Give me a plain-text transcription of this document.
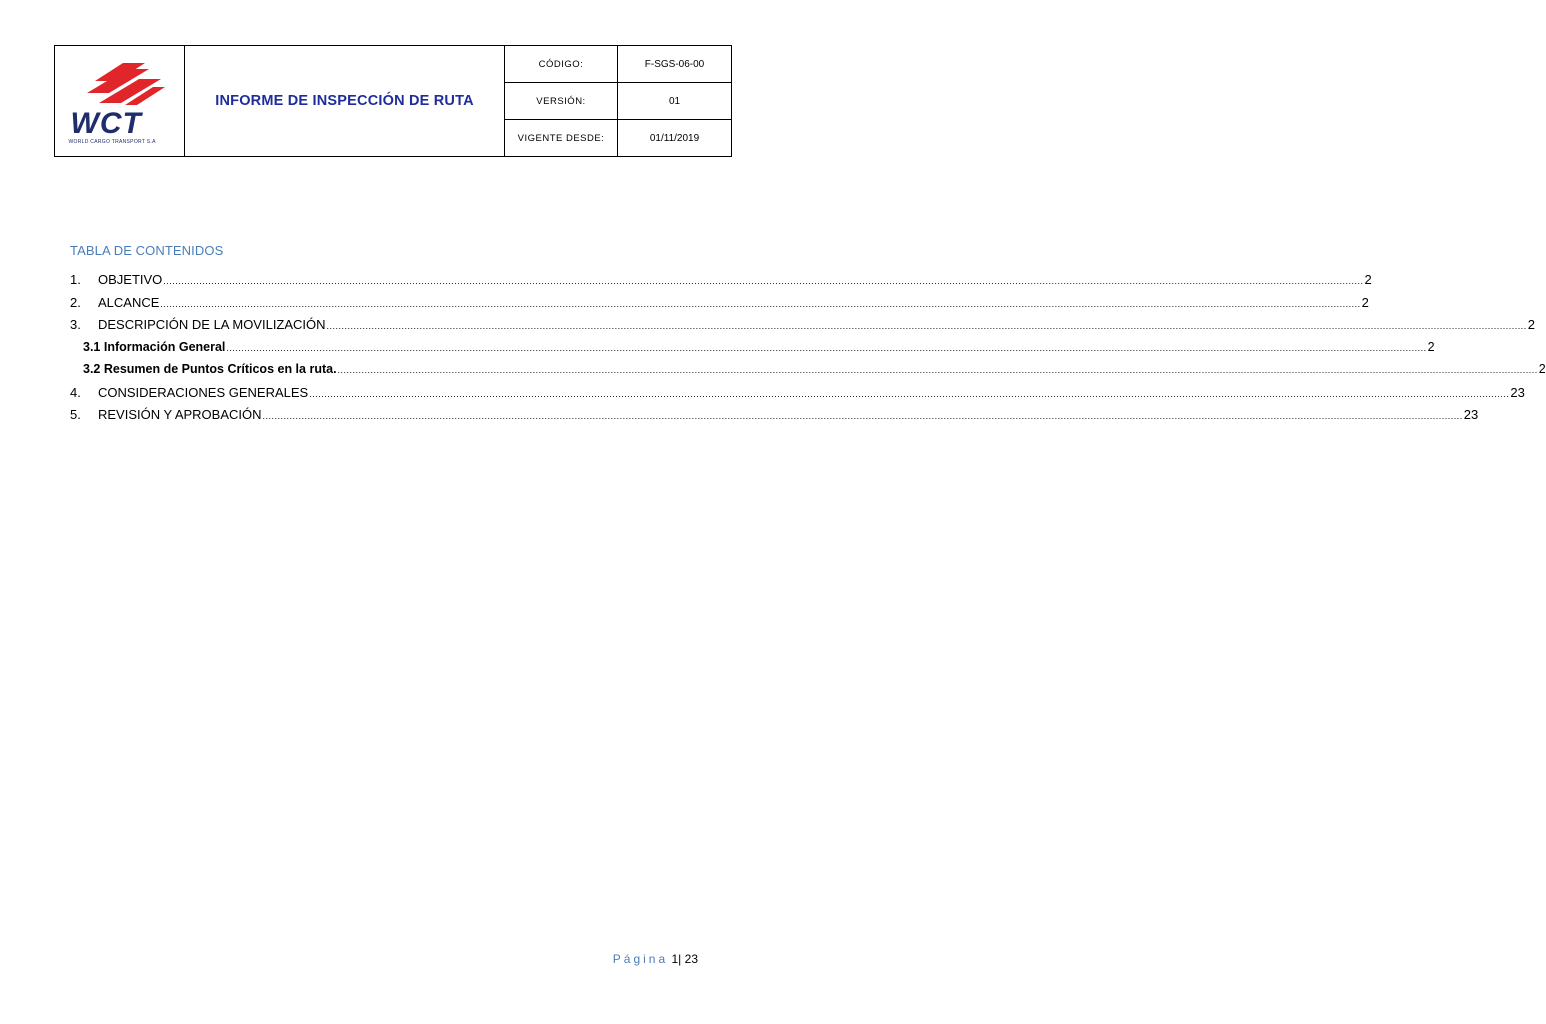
WCT
WORLD CARGO TRANSPORT S.A	INFORME DE INSPECCIÓN DE RUTA	CÓDIGO:	F-SGS-06-00
		VERSIÓN:	01
		VIGENTE DESDE:	01/11/2019
TABLA DE CONTENIDOS
1.	OBJETIVO ................................................................................................................................................................................................................................................................................................................................................................................................................ 2
2.	ALCANCE ................................................................................................................................................................................................................................................................................................................................................................................................................ 2
3.	DESCRIPCIÓN DE LA MOVILIZACIÓN ................................................................................................................................................................................................................................................................................................................................................................................................................ 2
3.1 Información General ................................................................................................................................................................................................................................................................................................................................................................................................................ 2
3.2 Resumen de Puntos Críticos en la ruta. ................................................................................................................................................................................................................................................................................................................................................................................................................ 2
4.	CONSIDERACIONES GENERALES ................................................................................................................................................................................................................................................................................................................................................................................................................ 23
5.	REVISIÓN Y APROBACIÓN ................................................................................................................................................................................................................................................................................................................................................................................................................ 23
Página 1| 23
